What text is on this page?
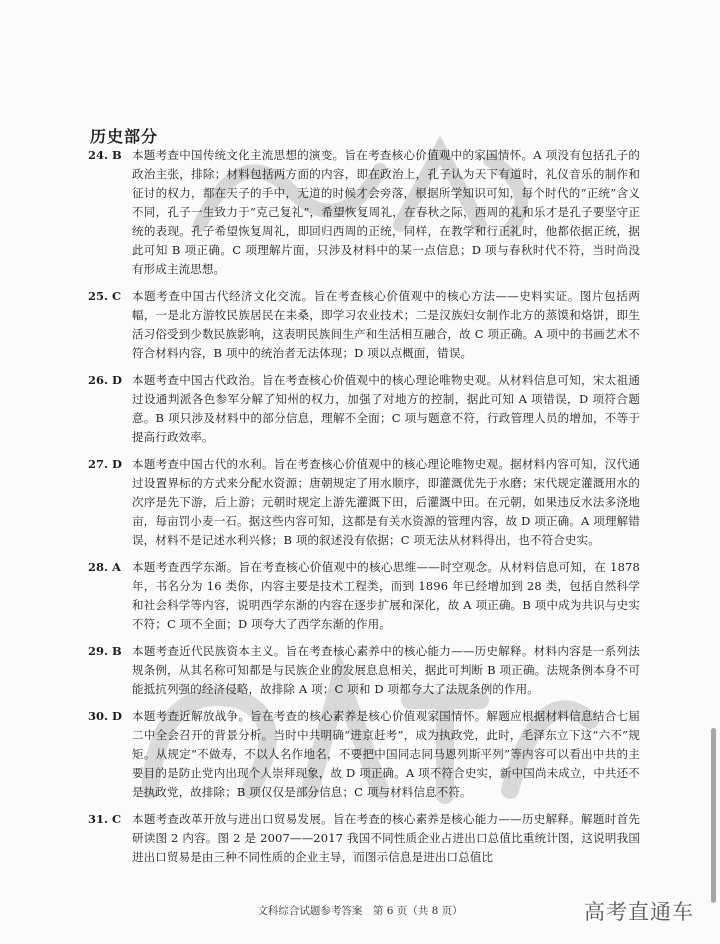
历史部分
24. B 本题考查中国传统文化主流思想的演变。旨在考查核心价值观中的家国情怀。A 项没有包括孔子的政治主张，排除；材料包括两方面的内容，即在政治上，孔子认为天下有道时，礼仪音乐的制作和征讨的权力，都在天子的手中，无道的时候才会旁落，根据所学知识可知，每个时代的“正统”含义不同，孔子一生致力于“克己复礼”，希望恢复周礼，在春秋之际，西周的礼和乐才是孔子要坚守正统的表现。孔子希望恢复周礼，即回归西周的正统，同样，在教学和行正礼时，他都依据正统，据此可知 B 项正确。C 项理解片面，只涉及材料中的某一点信息；D 项与春秋时代不符，当时尚没有形成主流思想。
25. C 本题考查中国古代经济文化交流。旨在考查核心价值观中的核心方法——史料实证。图片包括两幅，一是北方游牧民族居民在耒桑，即学习农业技术；二是汉族妇女制作北方的蒸馍和烙饼，即生活习俗受到少数民族影响，这表明民族间生产和生活相互融合，故 C 项正确。A 项中的书画艺术不符合材料内容，B 项中的统治者无法体现；D 项以点概面，错误。
26. D 本题考查中国古代政治。旨在考查核心价值观中的核心理论唯物史观。从材料信息可知，宋太祖通过设通判派各色参军分解了知州的权力，加强了对地方的控制，据此可知 A 项错误，D 项符合题意。B 项只涉及材料中的部分信息，理解不全面；C 项与题意不符，行政管理人员的增加，不等于提高行政效率。
27. D 本题考查中国古代的水利。旨在考查核心价值观中的核心理论唯物史观。据材料内容可知，汉代通过设置界标的方式来分配水资源；唐朝规定了用水顺序，即灌溉优先于水磨；宋代规定灌溉用水的次序是先下游，后上游；元朝时规定上游先灌溉下田，后灌溉中田。在元朝，如果违反水法多浇地亩，每亩罚小麦一石。据这些内容可知，这都是有关水资源的管理内容，故 D 项正确。A 项理解错误，材料不是记述水利兴修；B 项的叙述没有依据；C 项无法从材料得出，也不符合史实。
28. A 本题考查西学东渐。旨在考查核心价值观中的核心思维——时空观念。从材料信息可知，在 1878 年，书名分为 16 类你，内容主要是技术工程类，而到 1896 年已经增加到 28 类，包括自然科学和社会科学等内容，说明西学东渐的内容在逐步扩展和深化，故 A 项正确。B 项中成为共识与史实不符；C 项不全面；D 项夸大了西学东渐的作用。
29. B 本题考查近代民族资本主义。旨在考查核心素养中的核心能力——历史解释。材料内容是一系列法规条例，从其名称可知都是与民族企业的发展息息相关，据此可判断 B 项正确。法规条例本身不可能抵抗列强的经济侵略，故排除 A 项；C 项和 D 项都夸大了法规条例的作用。
30. D 本题考查近解放战争。旨在考查的核心素养是核心价值观家国情怀。解题应根据材料信息结合七届二中全会召开的背景分析。当时中共明确“进京赶考”，成为执政党，此时，毛泽东立下这“六不”规矩。从规定“不做寿，不以人名作地名，不要把中国同志同马恩列斯平列”等内容可以看出中共的主要目的是防止党内出现个人崇拜现象，故 D 项正确。A 项不符合史实，新中国尚未成立，中共还不是执政党，故排除；B 项仅仅是部分信息；C 项与材料信息不符。
31. C 本题考查改革开放与进出口贸易发展。旨在考查的核心素养是核心能力——历史解释。解题时首先研读图 2 内容。图 2 是 2007——2017 我国不同性质企业占进出口总值比重统计图，这说明我国进出口贸易是由三种不同性质的企业主导，而图示信息是进出口总值比
文科综合试题参考答案　第 6 页（共 8 页）	高考直通车
